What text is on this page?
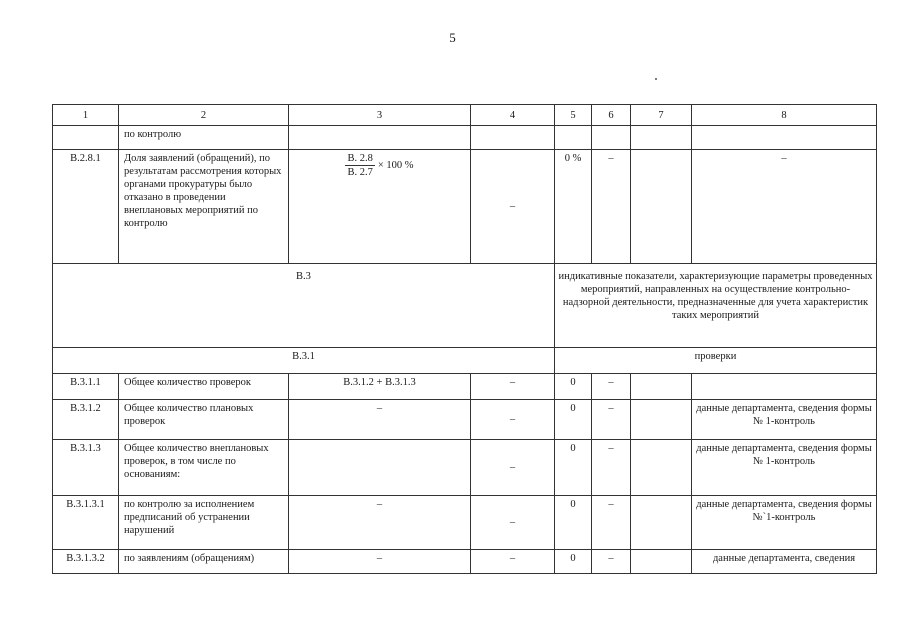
5
1	2	3	4	5	6	7	8
	по контролю						
В.2.8.1	Доля заявлений (обращений), по результатам рассмотрения которых органами прокуратуры было отказано в проведении внеплановых мероприятий по контролю	$\frac{В. 2.8}{В. 2.7} \times 100$ %	–	0 %	–		–
В.3				индикативные показатели, характеризующие параметры проведенных мероприятий, направленных на осуществление контрольно-надзорной деятельности, предназначенные для учета характеристик таких мероприятий			
В.3.1				проверки			
В.3.1.1	Общее количество проверок	В.3.1.2 + В.3.1.3	–	0	–		
В.3.1.2	Общее количество плановых проверок	–	–	0	–		данные департамента, сведения формы № 1-контроль
В.3.1.3	Общее количество внеплановых проверок, в том числе по основаниям:		–	0	–		данные департамента, сведения формы № 1-контроль
В.3.1.3.1	по контролю за исполнением предписаний об устранении нарушений	–	–	0	–		данные департамента, сведения формы №`1-контроль
В.3.1.3.2	по заявлениям (обращениям)	–	–	0	–		данные департамента, сведения
